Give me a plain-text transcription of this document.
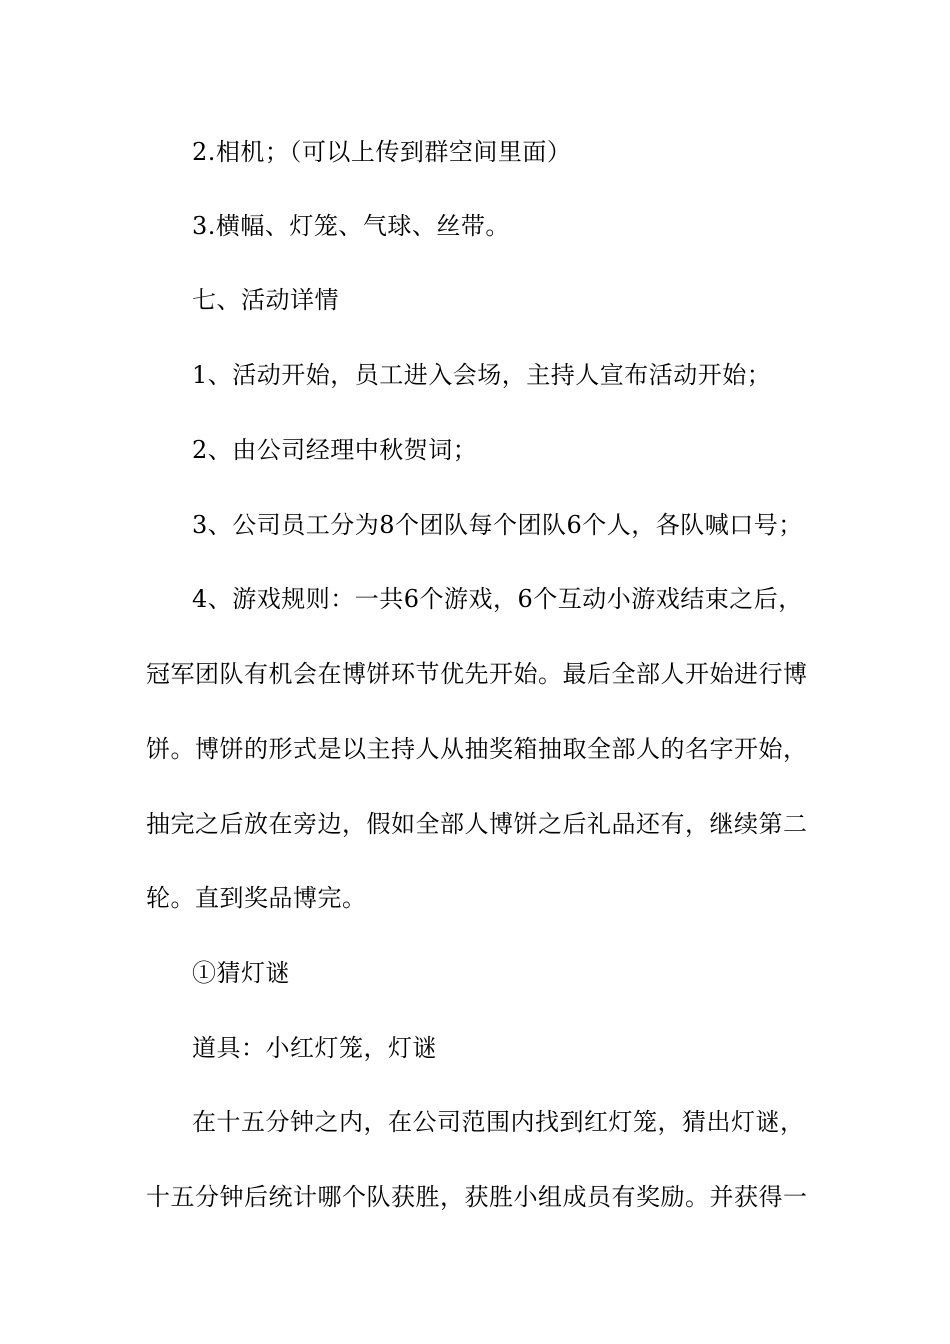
2.相机；（可以上传到群空间里面）
3.横幅、灯笼、气球、丝带。
七、活动详情
1、活动开始，员工进入会场，主持人宣布活动开始；
2、由公司经理中秋贺词；
3、公司员工分为8个团队每个团队6个人，各队喊口号；
4、游戏规则：一共6个游戏，6个互动小游戏结束之后，
冠军团队有机会在博饼环节优先开始。最后全部人开始进行博
饼。博饼的形式是以主持人从抽奖箱抽取全部人的名字开始，
抽完之后放在旁边，假如全部人博饼之后礼品还有，继续第二
轮。直到奖品博完。
①猜灯谜
道具：小红灯笼，灯谜
在十五分钟之内，在公司范围内找到红灯笼，猜出灯谜，
十五分钟后统计哪个队获胜，获胜小组成员有奖励。并获得一
